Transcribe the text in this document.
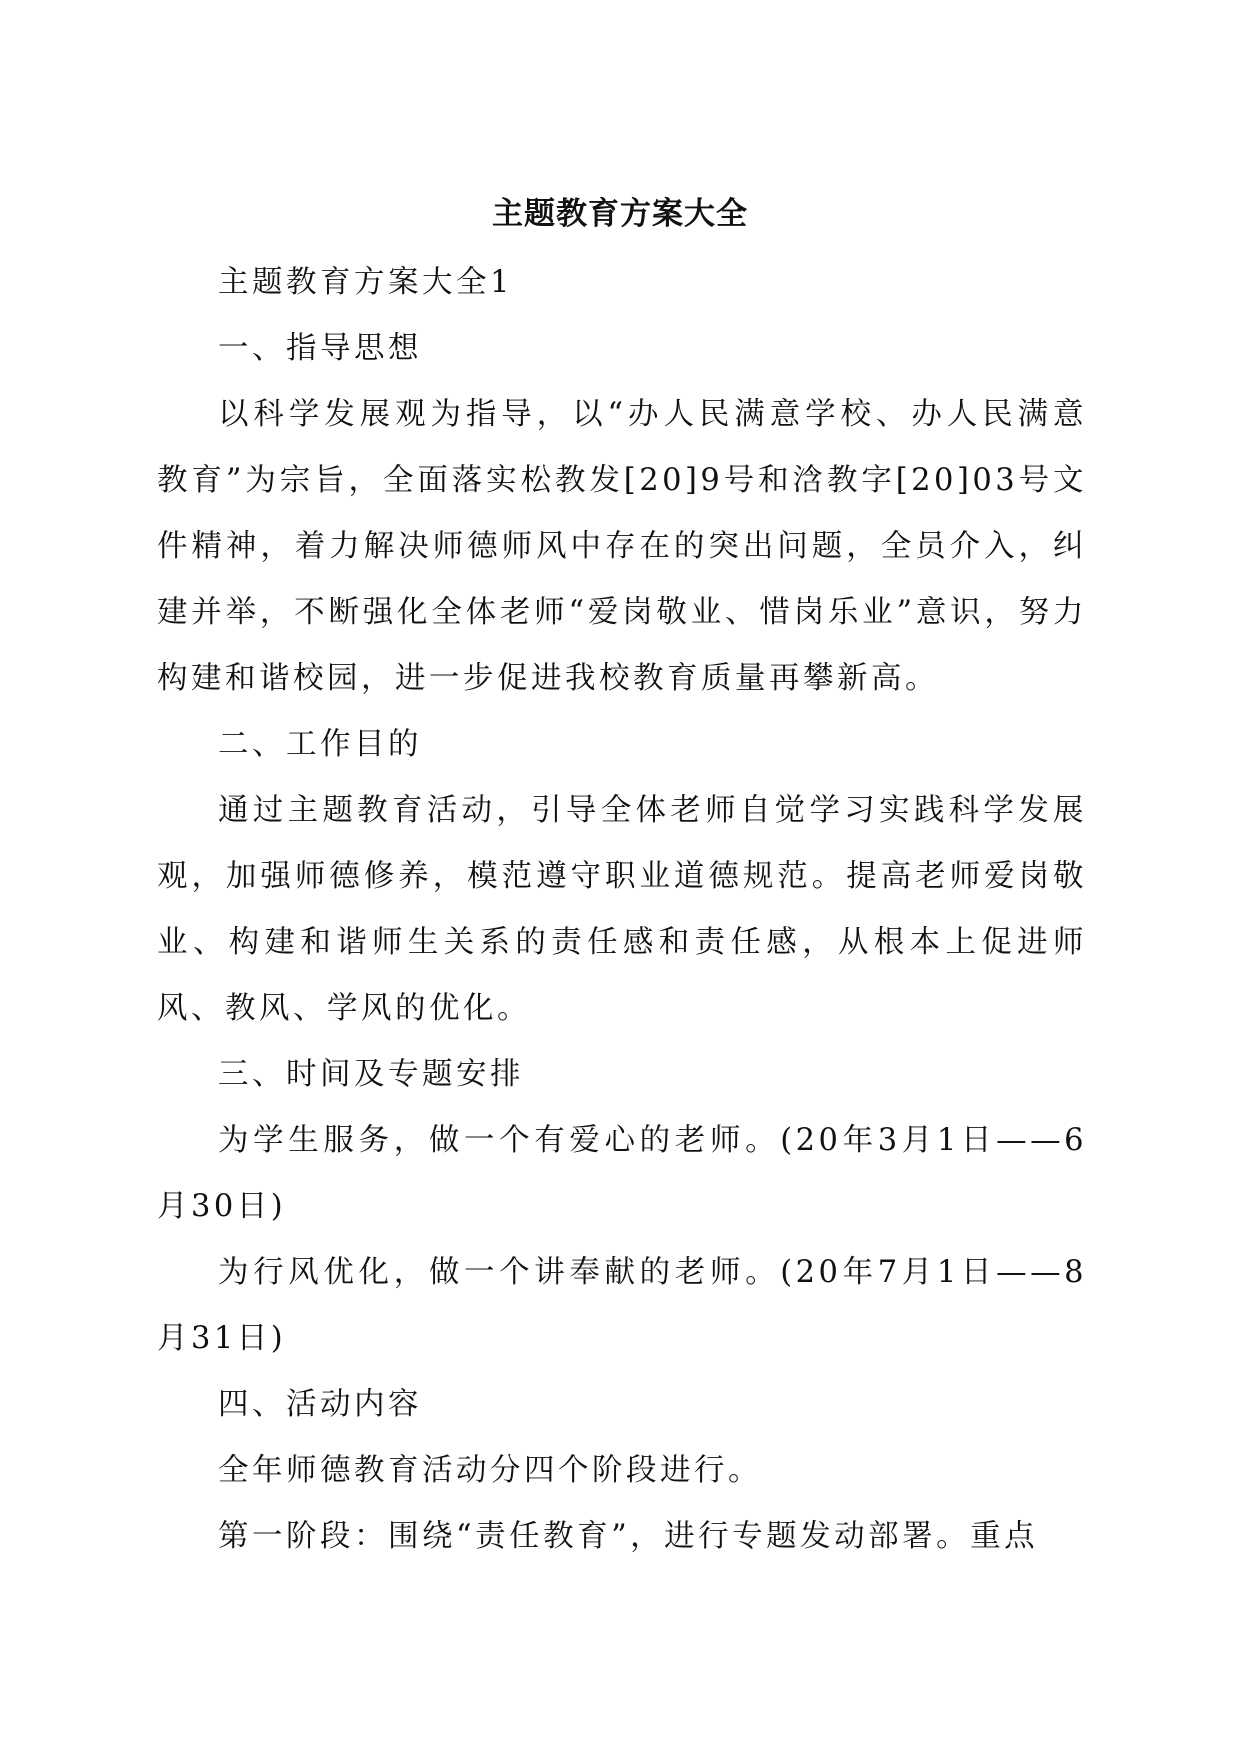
主题教育方案大全

主题教育方案大全1

一、指导思想

以科学发展观为指导，以“办人民满意学校、办人民满意教育”为宗旨，全面落实松教发[20]9号和浛教字[20]03号文件精神，着力解决师德师风中存在的突出问题，全员介入，纠建并举，不断强化全体老师“爱岗敬业、惜岗乐业”意识，努力构建和谐校园，进一步促进我校教育质量再攀新高。

二、工作目的

通过主题教育活动，引导全体老师自觉学习实践科学发展观，加强师德修养，模范遵守职业道德规范。提高老师爱岗敬业、构建和谐师生关系的责任感和责任感，从根本上促进师风、教风、学风的优化。

三、时间及专题安排

为学生服务，做一个有爱心的老师。(20年3月1日——6月30日)

为行风优化，做一个讲奉献的老师。(20年7月1日——8月31日)

四、活动内容

全年师德教育活动分四个阶段进行。

第一阶段：围绕“责任教育”，进行专题发动部署。重点
